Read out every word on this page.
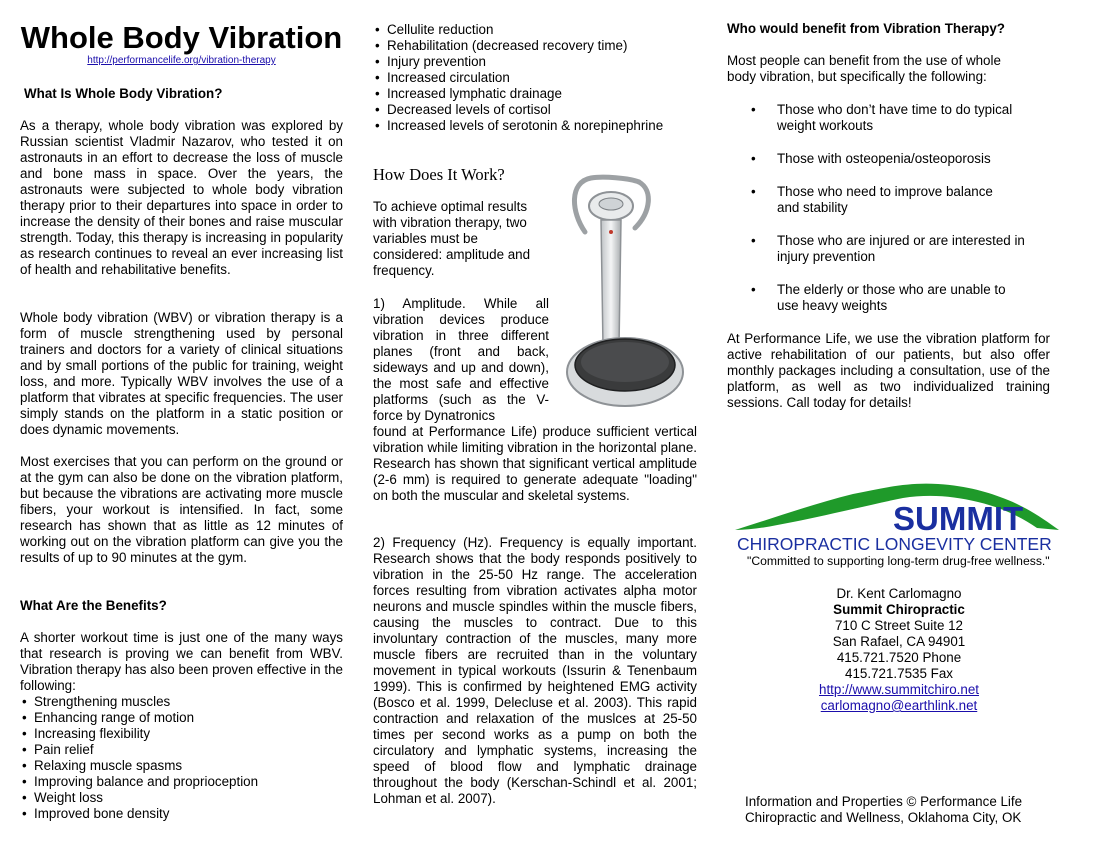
Whole Body Vibration
http://performancelife.org/vibration-therapy
What Is Whole Body Vibration?

As a therapy, whole body vibration was explored by Russian scientist Vladmir Nazarov, who tested it on astronauts in an effort to decrease the loss of muscle and bone mass in space. Over the years, the astronauts were subjected to whole body vibration therapy prior to their departures into space in order to increase the density of their bones and raise muscular strength. Today, this therapy is increasing in popularity as research continues to reveal an ever increasing list of health and rehabilitative benefits.

Whole body vibration (WBV) or vibration therapy is a form of muscle strengthening used by personal trainers and doctors for a variety of clinical situations and by small portions of the public for training, weight loss, and more. Typically WBV involves the use of a platform that vibrates at specific frequencies. The user simply stands on the platform in a static position or does dynamic movements.

Most exercises that you can perform on the ground or at the gym can also be done on the vibration platform, but because the vibrations are activating more muscle fibers, your workout is intensified. In fact, some research has shown that as little as 12 minutes of working out on the vibration platform can give you the results of up to 90 minutes at the gym.

What Are the Benefits?

A shorter workout time is just one of the many ways that research is proving we can benefit from WBV. Vibration therapy has also been proven effective in the following:

• Strengthening muscles
• Enhancing range of motion
• Increasing flexibility
• Pain relief
• Relaxing muscle spasms
• Improving balance and proprioception
• Weight loss
• Improved bone density
• Cellulite reduction
• Rehabilitation (decreased recovery time)
• Injury prevention
• Increased circulation
• Increased lymphatic drainage
• Decreased levels of cortisol
• Increased levels of serotonin & norepinephrine
How Does It Work?

To achieve optimal results with vibration therapy, two variables must be considered: amplitude and frequency.

1) Amplitude. While all vibration devices produce vibration in three different planes (front and back, sideways and up and down), the most safe and effective platforms (such as the V-force by Dynatronics
found at Performance Life) produce sufficient vertical vibration while limiting vibration in the horizontal plane. Research has shown that significant vertical amplitude (2-6 mm) is required to generate adequate "loading" on both the muscular and skeletal systems.

2) Frequency (Hz). Frequency is equally important. Research shows that the body responds positively to vibration in the 25-50 Hz range. The acceleration forces resulting from vibration activates alpha motor neurons and muscle spindles within the muscle fibers, causing the muscles to contract. Due to this involuntary contraction of the muscles, many more muscle fibers are recruited than in the voluntary movement in typical workouts (Issurin & Tenenbaum 1999). This is confirmed by heightened EMG activity (Bosco et al. 1999, Delecluse et al. 2003). This rapid contraction and relaxation of the muslces at 25-50 times per second works as a pump on both the circulatory and lymphatic systems, increasing the speed of blood flow and lymphatic drainage throughout the body (Kerschan-Schindl et al. 2001; Lohman et al. 2007).

Who would benefit from Vibration Therapy?

Most people can benefit from the use of whole body vibration, but specifically the following:

• Those who don’t have time to do typical weight workouts
• Those with osteopenia/osteoporosis
• Those who need to improve balance and stability
• Those who are injured or are interested in injury prevention
• The elderly or those who are unable to use heavy weights

At Performance Life, we use the vibration platform for active rehabilitation of our patients, but also offer monthly packages including a consultation, use of the platform, as well as two individualized training sessions. Call today for details!

SUMMIT
CHIROPRACTIC LONGEVITY CENTER
"Committed to supporting long-term drug-free wellness."
Dr. Kent Carlomagno
Summit Chiropractic
710 C Street Suite 12
San Rafael, CA 94901
415.721.7520 Phone
415.721.7535 Fax
http://www.summitchiro.net
carlomagno@earthlink.net
Information and Properties © Performance Life
Chiropractic and Wellness, Oklahoma City, OK
